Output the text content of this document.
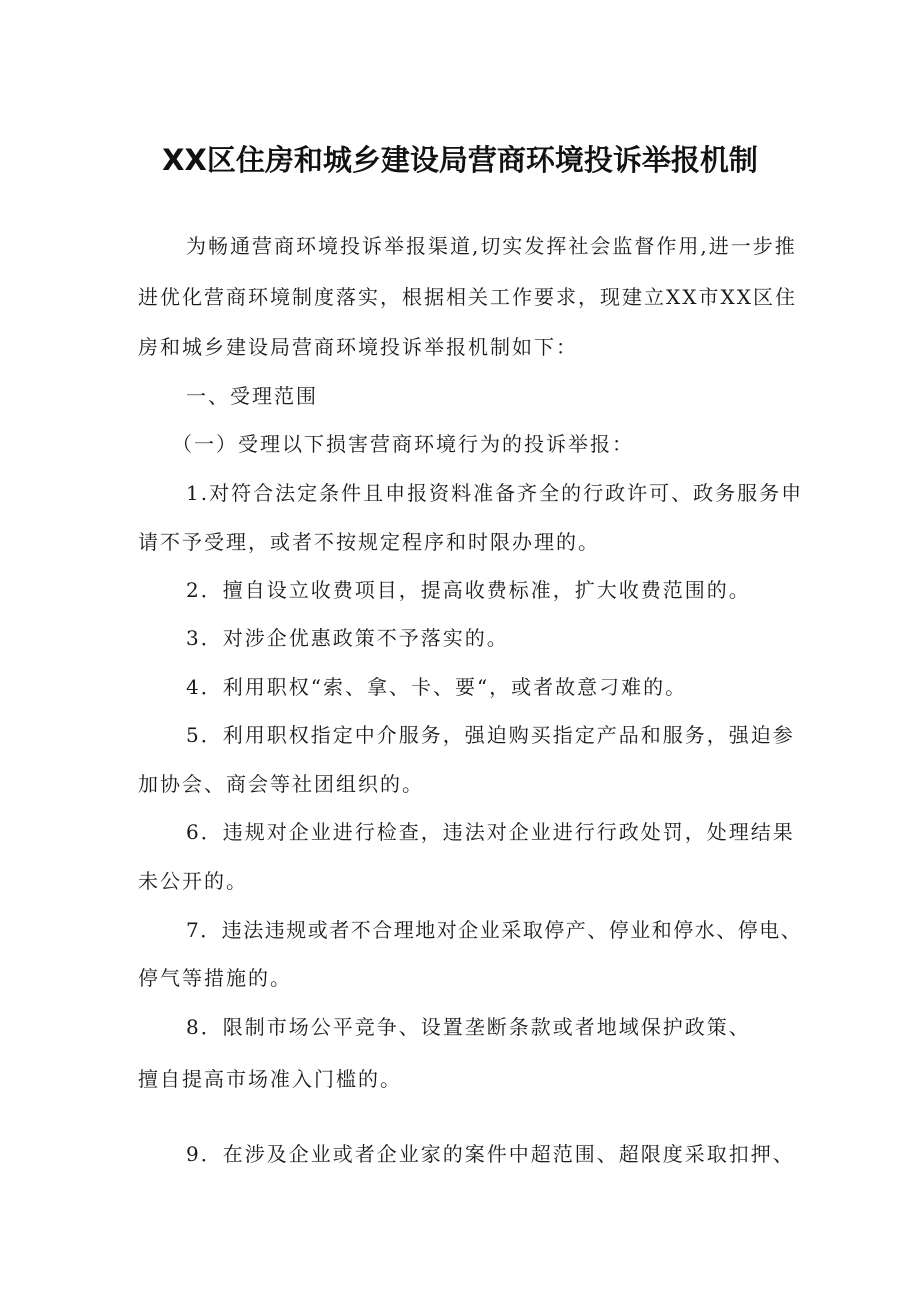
XX区住房和城乡建设局营商环境投诉举报机制
为畅通营商环境投诉举报渠道,切实发挥社会监督作用,进一步推
进优化营商环境制度落实，根据相关工作要求，现建立XX市XX区住
房和城乡建设局营商环境投诉举报机制如下：
一、受理范围
（一）受理以下损害营商环境行为的投诉举报：
1.对符合法定条件且申报资料准备齐全的行政许可、政务服务申
请不予受理，或者不按规定程序和时限办理的。
2．擅自设立收费项目，提高收费标准，扩大收费范围的。
3．对涉企优惠政策不予落实的。
4．利用职权“索、拿、卡、要“，或者故意刁难的。
5．利用职权指定中介服务，强迫购买指定产品和服务，强迫参
加协会、商会等社团组织的。
6．违规对企业进行检查，违法对企业进行行政处罚，处理结果
未公开的。
7．违法违规或者不合理地对企业采取停产、停业和停水、停电、
停气等措施的。
8．限制市场公平竞争、设置垄断条款或者地域保护政策、
擅自提高市场准入门槛的。
9．在涉及企业或者企业家的案件中超范围、超限度采取扣押、
